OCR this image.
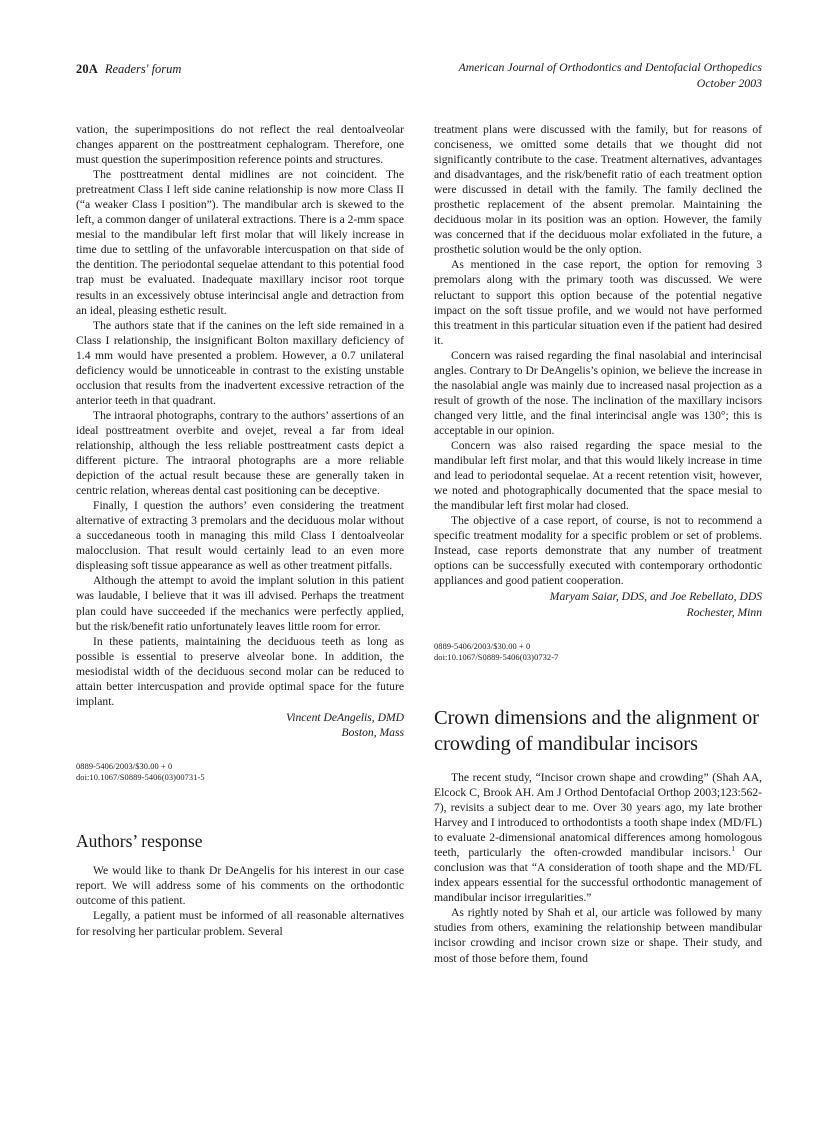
20A Readers' forum	American Journal of Orthodontics and Dentofacial Orthopedics
October 2003

vation, the superimpositions do not reflect the real dentoalveolar changes apparent on the posttreatment cephalogram. Therefore, one must question the superimposition reference points and structures.

The posttreatment dental midlines are not coincident. The pretreatment Class I left side canine relationship is now more Class II (“a weaker Class I position”). The mandibular arch is skewed to the left, a common danger of unilateral extractions. There is a 2-mm space mesial to the mandibular left first molar that will likely increase in time due to settling of the unfavorable intercuspation on that side of the dentition. The periodontal sequelae attendant to this potential food trap must be evaluated. Inadequate maxillary incisor root torque results in an excessively obtuse interincisal angle and detraction from an ideal, pleasing esthetic result.

The authors state that if the canines on the left side remained in a Class I relationship, the insignificant Bolton maxillary deficiency of 1.4 mm would have presented a problem. However, a 0.7 unilateral deficiency would be unnoticeable in contrast to the existing unstable occlusion that results from the inadvertent excessive retraction of the anterior teeth in that quadrant.

The intraoral photographs, contrary to the authors’ assertions of an ideal posttreatment overbite and ovejet, reveal a far from ideal relationship, although the less reliable posttreatment casts depict a different picture. The intraoral photographs are a more reliable depiction of the actual result because these are generally taken in centric relation, whereas dental cast positioning can be deceptive.

Finally, I question the authors’ even considering the treatment alternative of extracting 3 premolars and the deciduous molar without a succedaneous tooth in managing this mild Class I dentoalveolar malocclusion. That result would certainly lead to an even more displeasing soft tissue appearance as well as other treatment pitfalls.

Although the attempt to avoid the implant solution in this patient was laudable, I believe that it was ill advised. Perhaps the treatment plan could have succeeded if the mechanics were perfectly applied, but the risk/benefit ratio unfortunately leaves little room for error.

In these patients, maintaining the deciduous teeth as long as possible is essential to preserve alveolar bone. In addition, the mesiodistal width of the deciduous second molar can be reduced to attain better intercuspation and provide optimal space for the future implant.

Vincent DeAngelis, DMD

Boston, Mass

0889-5406/2003/$30.00 + 0

doi:10.1067/S0889-5406(03)00731-5

Authors’ response

We would like to thank Dr DeAngelis for his interest in our case report. We will address some of his comments on the orthodontic outcome of this patient.

Legally, a patient must be informed of all reasonable alternatives for resolving her particular problem. Several

treatment plans were discussed with the family, but for reasons of conciseness, we omitted some details that we thought did not significantly contribute to the case. Treatment alternatives, advantages and disadvantages, and the risk/benefit ratio of each treatment option were discussed in detail with the family. The family declined the prosthetic replacement of the absent premolar. Maintaining the deciduous molar in its position was an option. However, the family was concerned that if the deciduous molar exfoliated in the future, a prosthetic solution would be the only option.

As mentioned in the case report, the option for removing 3 premolars along with the primary tooth was discussed. We were reluctant to support this option because of the potential negative impact on the soft tissue profile, and we would not have performed this treatment in this particular situation even if the patient had desired it.

Concern was raised regarding the final nasolabial and interincisal angles. Contrary to Dr DeAngelis’s opinion, we believe the increase in the nasolabial angle was mainly due to increased nasal projection as a result of growth of the nose. The inclination of the maxillary incisors changed very little, and the final interincisal angle was 130°; this is acceptable in our opinion.

Concern was also raised regarding the space mesial to the mandibular left first molar, and that this would likely increase in time and lead to periodontal sequelae. At a recent retention visit, however, we noted and photographically documented that the space mesial to the mandibular left first molar had closed.

The objective of a case report, of course, is not to recommend a specific treatment modality for a specific problem or set of problems. Instead, case reports demonstrate that any number of treatment options can be successfully executed with contemporary orthodontic appliances and good patient cooperation.

Maryam Saiar, DDS, and Joe Rebellato, DDS

Rochester, Minn

0889-5406/2003/$30.00 + 0

doi:10.1067/S0889-5406(03)0732-7

Crown dimensions and the alignment or crowding of mandibular incisors

The recent study, “Incisor crown shape and crowding” (Shah AA, Elcock C, Brook AH. Am J Orthod Dentofacial Orthop 2003;123:562-7), revisits a subject dear to me. Over 30 years ago, my late brother Harvey and I introduced to orthodontists a tooth shape index (MD/FL) to evaluate 2-dimensional anatomical differences among homologous teeth, particularly the often-crowded mandibular incisors.$^1$ Our conclusion was that “A consideration of tooth shape and the MD/FL index appears essential for the successful orthodontic management of mandibular incisor irregularities.”

As rightly noted by Shah et al, our article was followed by many studies from others, examining the relationship between mandibular incisor crowding and incisor crown size or shape. Their study, and most of those before them, found
